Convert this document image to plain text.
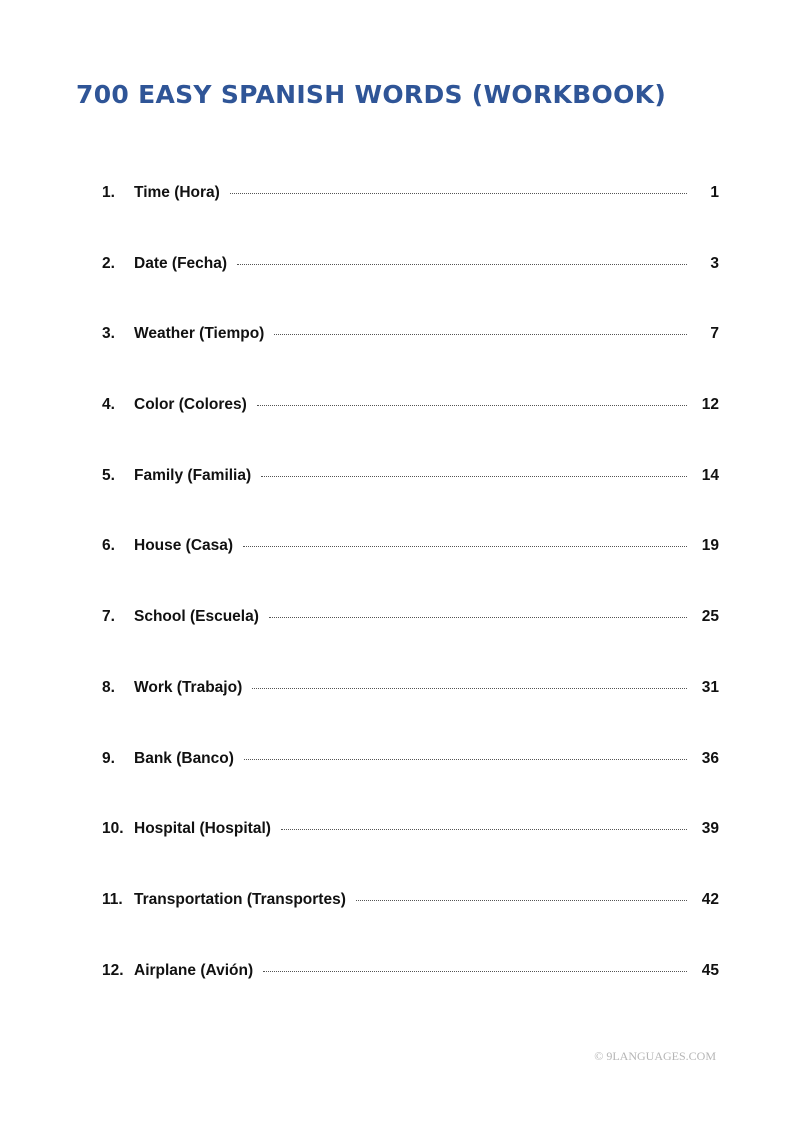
700 EASY SPANISH WORDS (WORKBOOK)
1.	Time (Hora)	1
2.	Date (Fecha)	3
3.	Weather (Tiempo)	7
4.	Color (Colores)	12
5.	Family (Familia)	14
6.	House (Casa)	19
7.	School (Escuela)	25
8.	Work (Trabajo)	31
9.	Bank (Banco)	36
10. Hospital (Hospital)	39
11. Transportation (Transportes)	42
12. Airplane (Avión)	45
© 9LANGUAGES.COM
